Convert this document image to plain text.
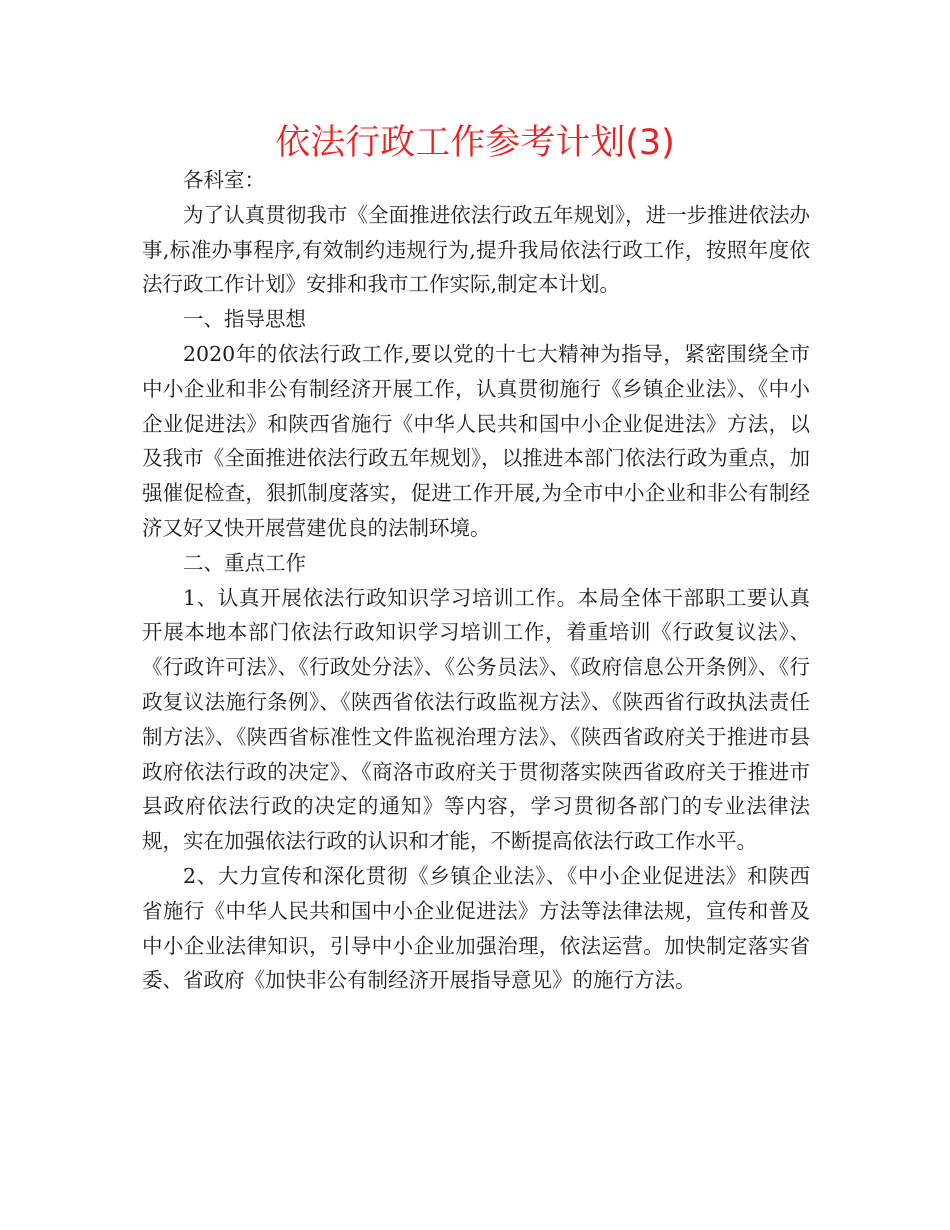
依法行政工作参考计划(3)

各科室：

为了认真贯彻我市《全面推进依法行政五年规划》，进一步推进依法办事,标准办事程序,有效制约违规行为,提升我局依法行政工作，按照年度依法行政工作计划》安排和我市工作实际,制定本计划。

一、指导思想

2020年的依法行政工作,要以党的十七大精神为指导，紧密围绕全市中小企业和非公有制经济开展工作，认真贯彻施行《乡镇企业法》、《中小企业促进法》和陕西省施行《中华人民共和国中小企业促进法》方法，以及我市《全面推进依法行政五年规划》，以推进本部门依法行政为重点，加强催促检查，狠抓制度落实，促进工作开展,为全市中小企业和非公有制经济又好又快开展营建优良的法制环境。

二、重点工作

1、认真开展依法行政知识学习培训工作。本局全体干部职工要认真开展本地本部门依法行政知识学习培训工作，着重培训《行政复议法》、《行政许可法》、《行政处分法》、《公务员法》、《政府信息公开条例》、《行政复议法施行条例》、《陕西省依法行政监视方法》、《陕西省行政执法责任制方法》、《陕西省标准性文件监视治理方法》、《陕西省政府关于推进市县政府依法行政的决定》、《商洛市政府关于贯彻落实陕西省政府关于推进市县政府依法行政的决定的通知》等内容，学习贯彻各部门的专业法律法规，实在加强依法行政的认识和才能，不断提高依法行政工作水平。

2、大力宣传和深化贯彻《乡镇企业法》、《中小企业促进法》和陕西省施行《中华人民共和国中小企业促进法》方法等法律法规，宣传和普及中小企业法律知识，引导中小企业加强治理，依法运营。加快制定落实省委、省政府《加快非公有制经济开展指导意见》的施行方法。
